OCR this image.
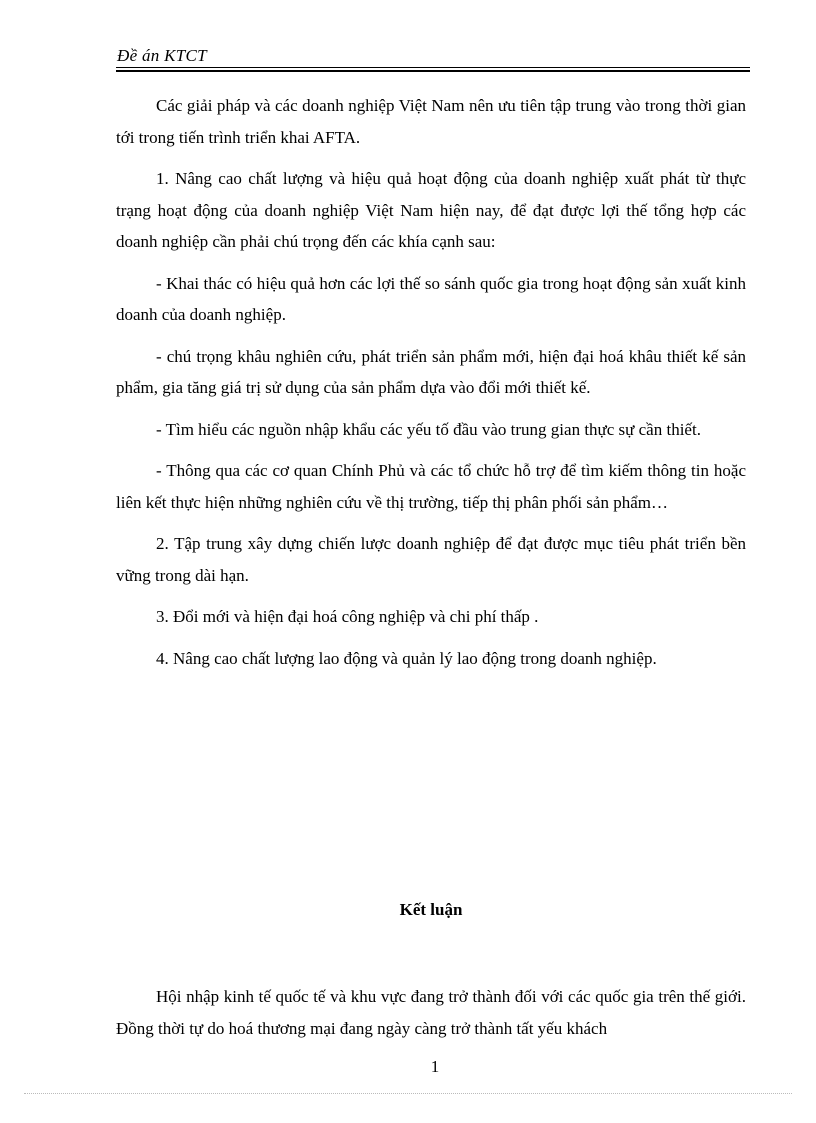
Đề án KTCT

Các giải pháp và các doanh nghiệp Việt Nam nên ưu tiên tập trung vào trong thời gian tới trong tiến trình triển khai AFTA.

1. Nâng cao chất lượng và hiệu quả hoạt động của doanh nghiệp xuất phát từ thực trạng hoạt động của doanh nghiệp Việt Nam hiện nay, để đạt được lợi thế tổng hợp các doanh nghiệp cần phải chú trọng đến các khía cạnh sau:

- Khai thác có hiệu quả hơn các lợi thế so sánh quốc gia trong hoạt động sản xuất kinh doanh của doanh nghiệp.

- chú trọng khâu nghiên cứu, phát triển sản phẩm mới, hiện đại hoá khâu thiết kế sản phẩm, gia tăng giá trị sử dụng của sản phẩm dựa vào đổi mới thiết kế.

- Tìm hiểu các nguồn nhập khẩu các yếu tố đầu vào trung gian thực sự cần thiết.

- Thông qua các cơ quan Chính Phủ và các tổ chức hỗ trợ để tìm kiếm thông tin hoặc liên kết thực hiện những nghiên cứu về thị trường, tiếp thị phân phối sản phẩm…

2. Tập trung xây dựng chiến lược doanh nghiệp để đạt được mục tiêu phát triển bền vững trong dài hạn.

3. Đổi mới và hiện đại hoá công nghiệp và chi phí thấp .

4. Nâng cao chất lượng lao động và quản lý lao động trong doanh nghiệp.

Kết luận

Hội nhập kinh tế quốc tế và khu vực đang trở thành đối với các quốc gia trên thế giới. Đồng thời tự do hoá thương mại đang ngày càng trở thành tất yếu khách

1
